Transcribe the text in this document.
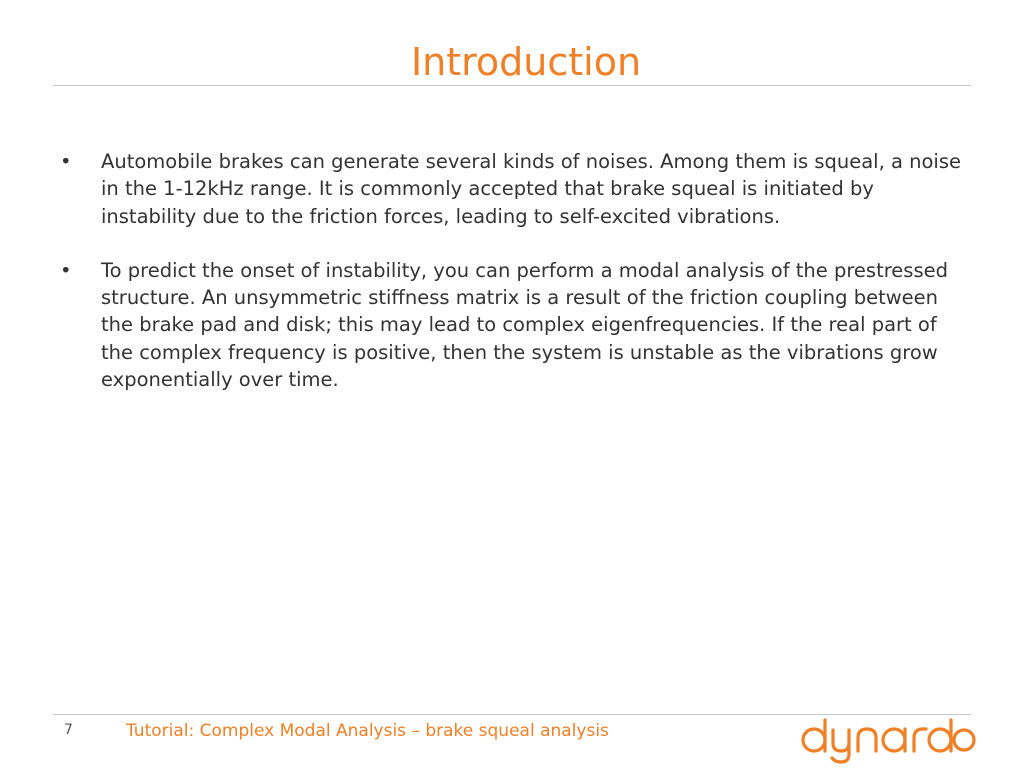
Introduction
• Automobile brakes can generate several kinds of noises. Among them is squeal, a noise in the 1-12kHz range. It is commonly accepted that brake squeal is initiated by instability due to the friction forces, leading to self-excited vibrations.
• To predict the onset of instability, you can perform a modal analysis of the prestressed structure. An unsymmetric stiffness matrix is a result of the friction coupling between the brake pad and disk; this may lead to complex eigenfrequencies. If the real part of the complex frequency is positive, then the system is unstable as the vibrations grow exponentially over time.
7	Tutorial: Complex Modal Analysis – brake squeal analysis
